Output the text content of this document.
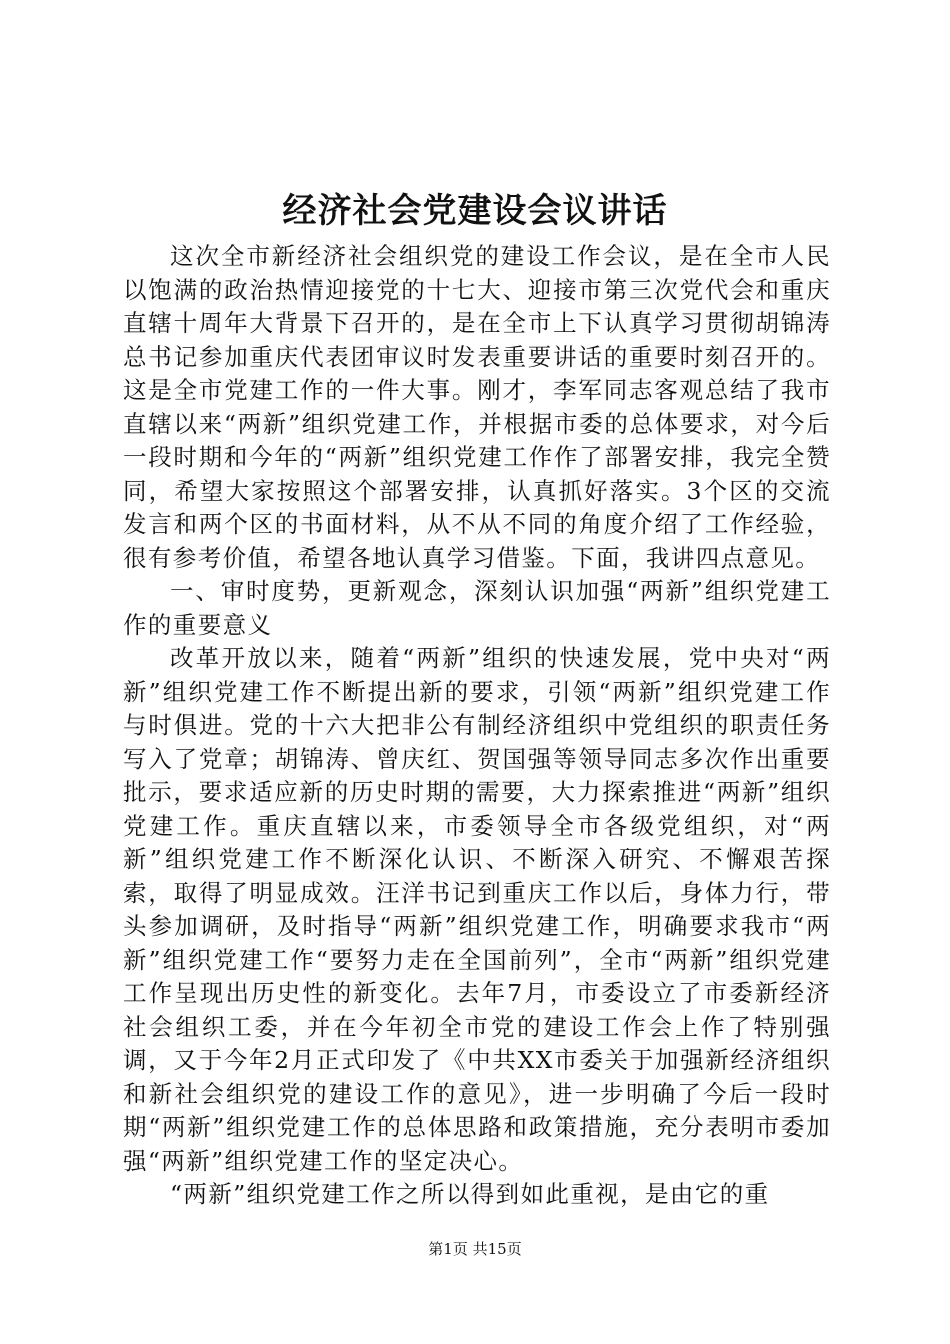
经济社会党建设会议讲话

这次全市新经济社会组织党的建设工作会议，是在全市人民以饱满的政治热情迎接党的十七大、迎接市第三次党代会和重庆直辖十周年大背景下召开的，是在全市上下认真学习贯彻胡锦涛总书记参加重庆代表团审议时发表重要讲话的重要时刻召开的。这是全市党建工作的一件大事。刚才，李军同志客观总结了我市直辖以来“两新”组织党建工作，并根据市委的总体要求，对今后一段时期和今年的“两新”组织党建工作作了部署安排，我完全赞同，希望大家按照这个部署安排，认真抓好落实。3个区的交流发言和两个区的书面材料，从不从不同的角度介绍了工作经验，很有参考价值，希望各地认真学习借鉴。下面，我讲四点意见。

一、审时度势，更新观念，深刻认识加强“两新”组织党建工作的重要意义

改革开放以来，随着“两新”组织的快速发展，党中央对“两新”组织党建工作不断提出新的要求，引领“两新”组织党建工作与时俱进。党的十六大把非公有制经济组织中党组织的职责任务写入了党章；胡锦涛、曾庆红、贺国强等领导同志多次作出重要批示，要求适应新的历史时期的需要，大力探索推进“两新”组织党建工作。重庆直辖以来，市委领导全市各级党组织，对“两新”组织党建工作不断深化认识、不断深入研究、不懈艰苦探索，取得了明显成效。汪洋书记到重庆工作以后，身体力行，带头参加调研，及时指导“两新”组织党建工作，明确要求我市“两新”组织党建工作“要努力走在全国前列”，全市“两新”组织党建工作呈现出历史性的新变化。去年7月，市委设立了市委新经济社会组织工委，并在今年初全市党的建设工作会上作了特别强调，又于今年2月正式印发了《中共XX市委关于加强新经济组织和新社会组织党的建设工作的意见》，进一步明确了今后一段时期“两新”组织党建工作的总体思路和政策措施，充分表明市委加强“两新”组织党建工作的坚定决心。

“两新”组织党建工作之所以得到如此重视，是由它的重

第1页 共15页
